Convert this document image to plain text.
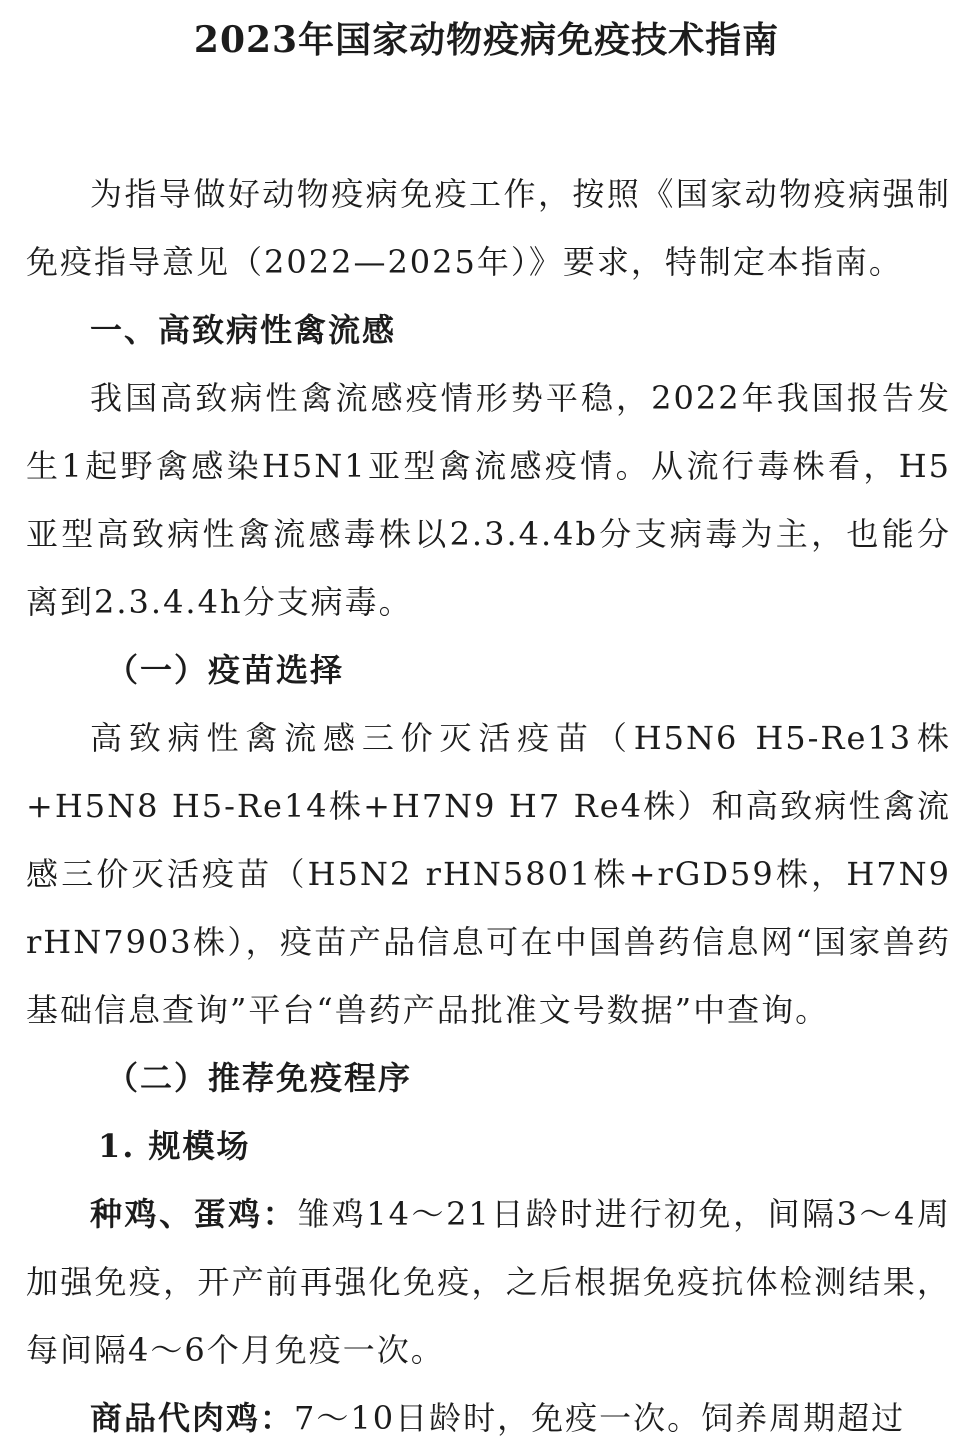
2023年国家动物疫病免疫技术指南

为指导做好动物疫病免疫工作，按照《国家动物疫病强制免疫指导意见（2022—2025年）》要求，特制定本指南。

一、高致病性禽流感

我国高致病性禽流感疫情形势平稳，2022年我国报告发生1起野禽感染H5N1亚型禽流感疫情。从流行毒株看，H5亚型高致病性禽流感毒株以2.3.4.4b分支病毒为主，也能分离到2.3.4.4h分支病毒。

（一）疫苗选择

高致病性禽流感三价灭活疫苗（H5N6 H5-Re13株+H5N8 H5-Re14株+H7N9 H7 Re4株）和高致病性禽流感三价灭活疫苗（H5N2 rHN5801株+rGD59株，H7N9 rHN7903株），疫苗产品信息可在中国兽药信息网“国家兽药基础信息查询”平台“兽药产品批准文号数据”中查询。

（二）推荐免疫程序

1. 规模场

种鸡、蛋鸡：雏鸡14～21日龄时进行初免，间隔3～4周加强免疫，开产前再强化免疫，之后根据免疫抗体检测结果，每间隔4～6个月免疫一次。

商品代肉鸡：7～10日龄时，免疫一次。饲养周期超过
